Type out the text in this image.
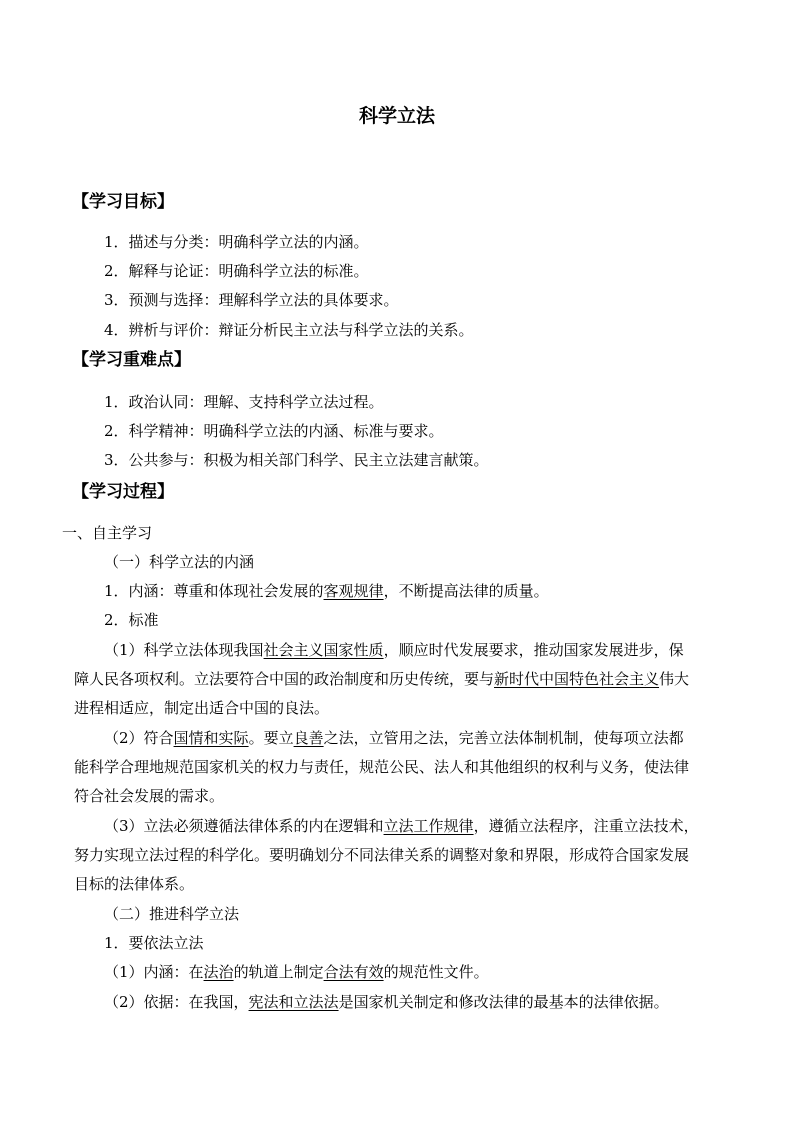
科学立法
【学习目标】
1．描述与分类：明确科学立法的内涵。
2．解释与论证：明确科学立法的标准。
3．预测与选择：理解科学立法的具体要求。
4．辨析与评价：辩证分析民主立法与科学立法的关系。
【学习重难点】
1．政治认同：理解、支持科学立法过程。
2．科学精神：明确科学立法的内涵、标准与要求。
3．公共参与：积极为相关部门科学、民主立法建言献策。
【学习过程】
一、自主学习
（一）科学立法的内涵
1．内涵：尊重和体现社会发展的客观规律，不断提高法律的质量。
2．标准
（1）科学立法体现我国社会主义国家性质，顺应时代发展要求，推动国家发展进步，保
障人民各项权利。立法要符合中国的政治制度和历史传统，要与新时代中国特色社会主义伟大
进程相适应，制定出适合中国的良法。
（2）符合国情和实际。要立良善之法，立管用之法，完善立法体制机制，使每项立法都
能科学合理地规范国家机关的权力与责任，规范公民、法人和其他组织的权利与义务，使法律
符合社会发展的需求。
（3）立法必须遵循法律体系的内在逻辑和立法工作规律，遵循立法程序，注重立法技术，
努力实现立法过程的科学化。要明确划分不同法律关系的调整对象和界限，形成符合国家发展
目标的法律体系。
（二）推进科学立法
1．要依法立法
（1）内涵：在法治的轨道上制定合法有效的规范性文件。
（2）依据：在我国，宪法和立法法是国家机关制定和修改法律的最基本的法律依据。
